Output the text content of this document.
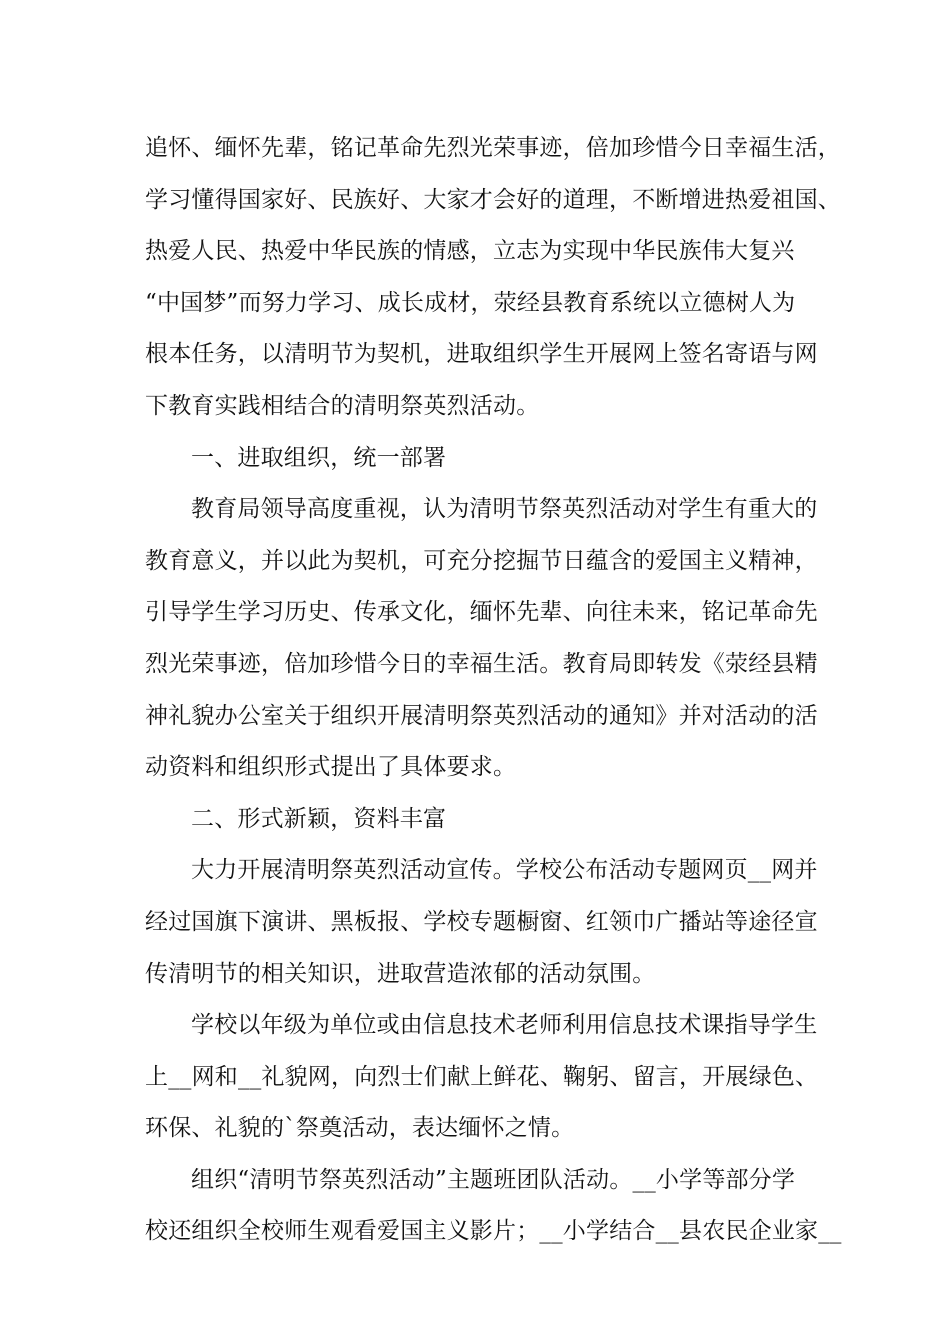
追怀、缅怀先辈，铭记革命先烈光荣事迹，倍加珍惜今日幸福生活，
学习懂得国家好、民族好、大家才会好的道理，不断增进热爱祖国、
热爱人民、热爱中华民族的情感，立志为实现中华民族伟大复兴
“中国梦”而努力学习、成长成材，荥经县教育系统以立德树人为
根本任务，以清明节为契机，进取组织学生开展网上签名寄语与网
下教育实践相结合的清明祭英烈活动。
一、进取组织，统一部署
教育局领导高度重视，认为清明节祭英烈活动对学生有重大的
教育意义，并以此为契机，可充分挖掘节日蕴含的爱国主义精神，
引导学生学习历史、传承文化，缅怀先辈、向往未来，铭记革命先
烈光荣事迹，倍加珍惜今日的幸福生活。教育局即转发《荥经县精
神礼貌办公室关于组织开展清明祭英烈活动的通知》并对活动的活
动资料和组织形式提出了具体要求。
二、形式新颖，资料丰富
大力开展清明祭英烈活动宣传。学校公布活动专题网页__网并
经过国旗下演讲、黑板报、学校专题橱窗、红领巾广播站等途径宣
传清明节的相关知识，进取营造浓郁的活动氛围。
学校以年级为单位或由信息技术老师利用信息技术课指导学生
上__网和__礼貌网，向烈士们献上鲜花、鞠躬、留言，开展绿色、
环保、礼貌的`祭奠活动，表达缅怀之情。
组织“清明节祭英烈活动”主题班团队活动。__小学等部分学
校还组织全校师生观看爱国主义影片；__小学结合__县农民企业家__
